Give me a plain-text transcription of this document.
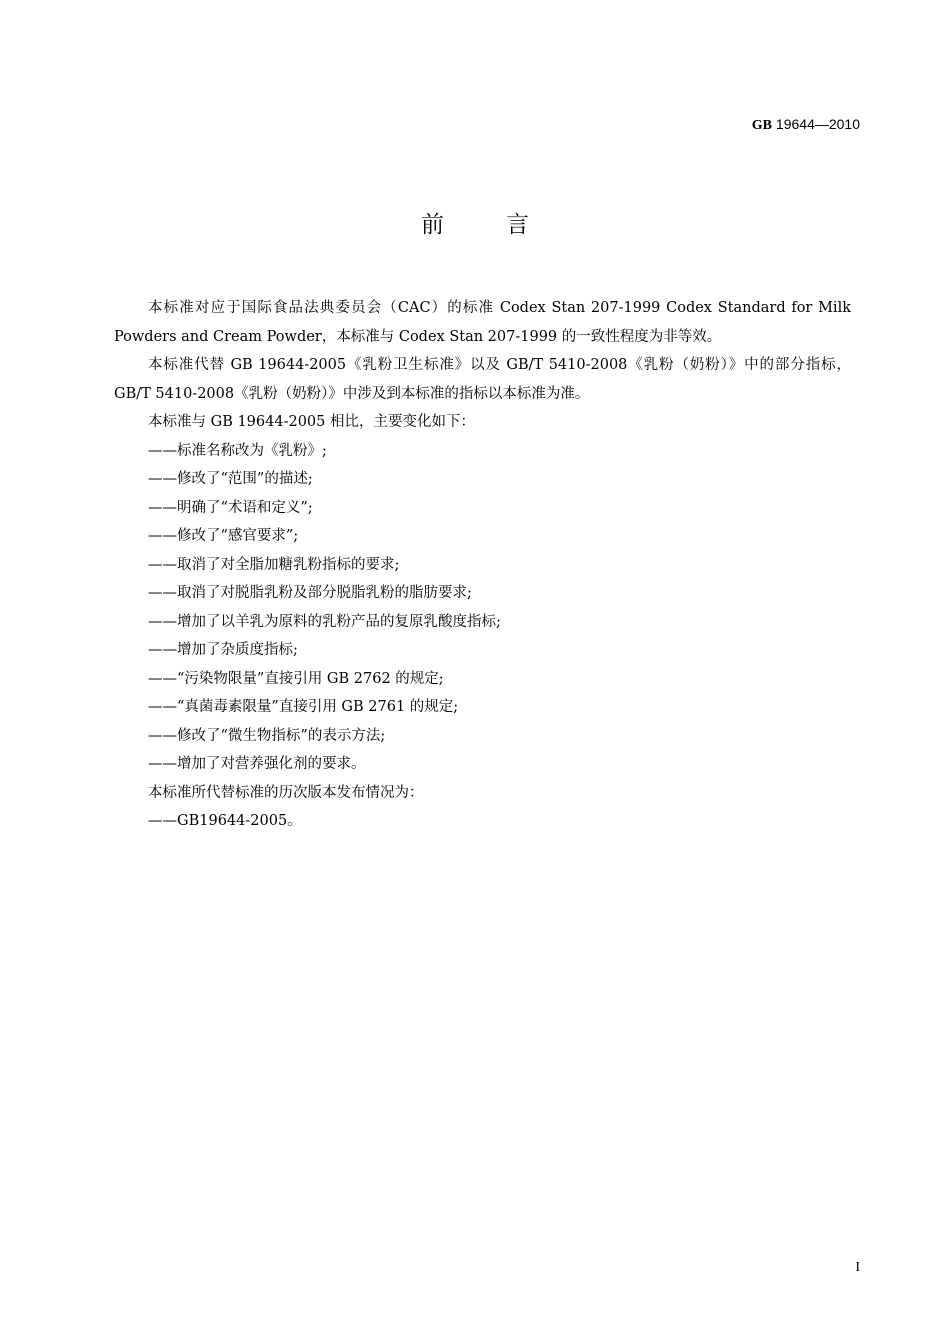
GB 19644—2010
前言

本标准对应于国际食品法典委员会（CAC）的标准 Codex Stan 207-1999 Codex Standard for Milk Powders and Cream Powder，本标准与 Codex Stan 207-1999 的一致性程度为非等效。

本标准代替 GB 19644-2005《乳粉卫生标准》以及 GB/T 5410-2008《乳粉（奶粉）》中的部分指标，GB/T 5410-2008《乳粉（奶粉）》中涉及到本标准的指标以本标准为准。

本标准与 GB 19644-2005 相比，主要变化如下：

——标准名称改为《乳粉》;

——修改了“范围”的描述;

——明确了“术语和定义”;

——修改了“感官要求”;

——取消了对全脂加糖乳粉指标的要求;

——取消了对脱脂乳粉及部分脱脂乳粉的脂肪要求;

——增加了以羊乳为原料的乳粉产品的复原乳酸度指标;

——增加了杂质度指标;

——“污染物限量”直接引用 GB 2762 的规定;

——“真菌毒素限量”直接引用 GB 2761 的规定;

——修改了“微生物指标”的表示方法;

——增加了对营养强化剂的要求。

本标准所代替标准的历次版本发布情况为：

——GB19644-2005。

I
